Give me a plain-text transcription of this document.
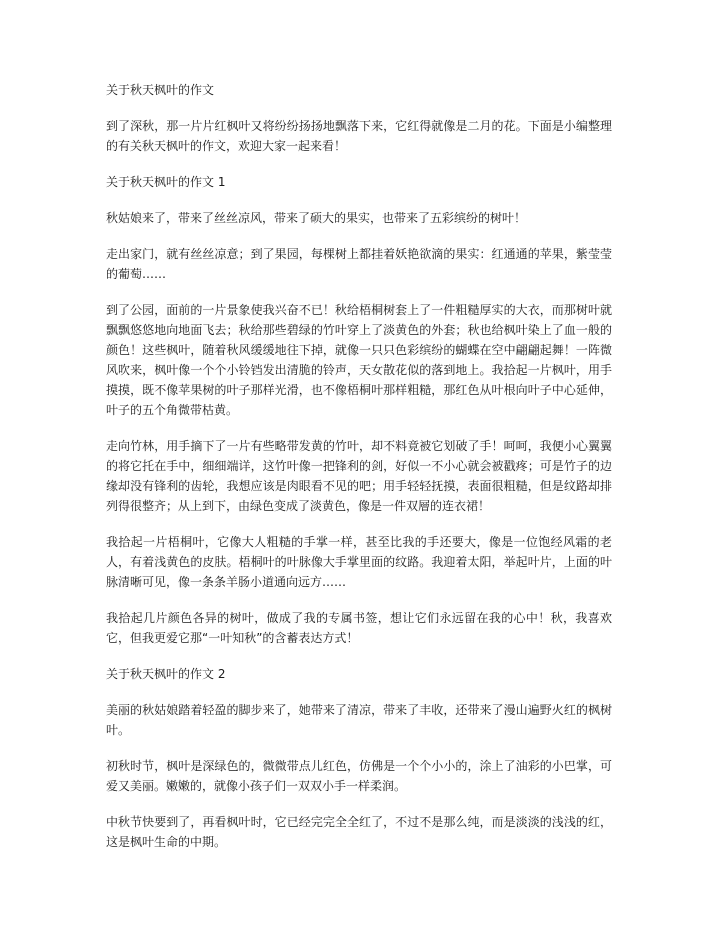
关于秋天枫叶的作文

到了深秋，那一片片红枫叶又将纷纷扬扬地飘落下来，它红得就像是二月的花。下面是小编整理的有关秋天枫叶的作文，欢迎大家一起来看！

关于秋天枫叶的作文 1

秋姑娘来了，带来了丝丝凉风，带来了硕大的果实，也带来了五彩缤纷的树叶！

走出家门，就有丝丝凉意；到了果园，每棵树上都挂着妖艳欲滴的果实：红通通的苹果，紫莹莹的葡萄……

到了公园，面前的一片景象使我兴奋不已！秋给梧桐树套上了一件粗糙厚实的大衣，而那树叶就飘飘悠悠地向地面飞去；秋给那些碧绿的竹叶穿上了淡黄色的外套；秋也给枫叶染上了血一般的颜色！这些枫叶，随着秋风缓缓地往下掉，就像一只只色彩缤纷的蝴蝶在空中翩翩起舞！一阵微风吹来，枫叶像一个个小铃铛发出清脆的铃声，天女散花似的落到地上。我拾起一片枫叶，用手摸摸，既不像苹果树的叶子那样光滑，也不像梧桐叶那样粗糙，那红色从叶根向叶子中心延伸，叶子的五个角微带枯黄。

走向竹林，用手摘下了一片有些略带发黄的竹叶，却不料竟被它划破了手！呵呵，我便小心翼翼的将它托在手中，细细端详，这竹叶像一把锋利的剑，好似一不小心就会被戳疼；可是竹子的边缘却没有锋利的齿轮，我想应该是肉眼看不见的吧；用手轻轻抚摸，表面很粗糙，但是纹路却排列得很整齐；从上到下，由绿色变成了淡黄色，像是一件双層的连衣裙！

我拾起一片梧桐叶，它像大人粗糙的手掌一样，甚至比我的手还要大，像是一位饱经风霜的老人，有着浅黄色的皮肤。梧桐叶的叶脉像大手掌里面的纹路。我迎着太阳，举起叶片，上面的叶脉清晰可见，像一条条羊肠小道通向远方……

我拾起几片颜色各异的树叶，做成了我的专属书签，想让它们永远留在我的心中！秋，我喜欢它，但我更爱它那“一叶知秋”的含蓄表达方式！

关于秋天枫叶的作文 2

美丽的秋姑娘踏着轻盈的脚步来了，她带来了清凉，带来了丰收，还带来了漫山遍野火红的枫树叶。

初秋时节，枫叶是深绿色的，微微带点儿红色，仿佛是一个个小小的，涂上了油彩的小巴掌，可爱又美丽。嫩嫩的，就像小孩子们一双双小手一样柔润。

中秋节快要到了，再看枫叶时，它已经完完全全红了，不过不是那么纯，而是淡淡的浅浅的红，这是枫叶生命的中期。
